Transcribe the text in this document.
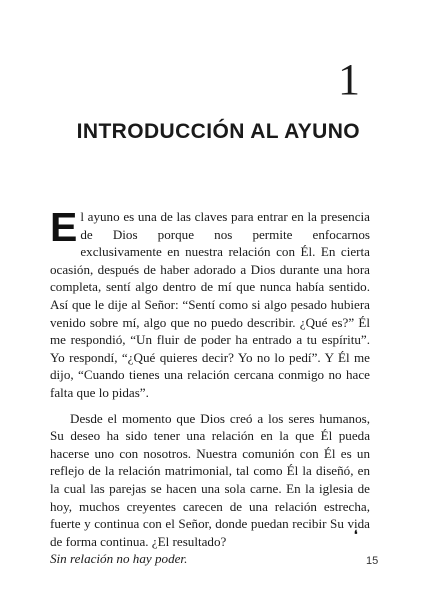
1
INTRODUCCIÓN AL AYUNO

El ayuno es una de las claves para entrar en la presencia de Dios porque nos permite enfocarnos exclusivamente en nuestra relación con Él. En cierta ocasión, después de haber adorado a Dios durante una hora completa, sentí algo dentro de mí que nunca había sentido. Así que le dije al Señor: “Sentí como si algo pesado hubiera venido sobre mí, algo que no puedo describir. ¿Qué es?” Él me respondió, “Un fluir de poder ha entrado a tu espíritu”. Yo respondí, “¿Qué quieres decir? Yo no lo pedí”. Y Él me dijo, “Cuando tienes una relación cercana conmigo no hace falta que lo pidas”.

Desde el momento que Dios creó a los seres humanos, Su deseo ha sido tener una relación en la que Él pueda hacerse uno con nosotros. Nuestra comunión con Él es un reflejo de la relación matrimonial, tal como Él la diseñó, en la cual las parejas se hacen una sola carne. En la iglesia de hoy, muchos creyentes carecen de una relación estrecha, fuerte y continua con el Señor, donde puedan recibir Su vida de forma continua. ¿El resultado?
Sin relación no hay poder.

❛
15
